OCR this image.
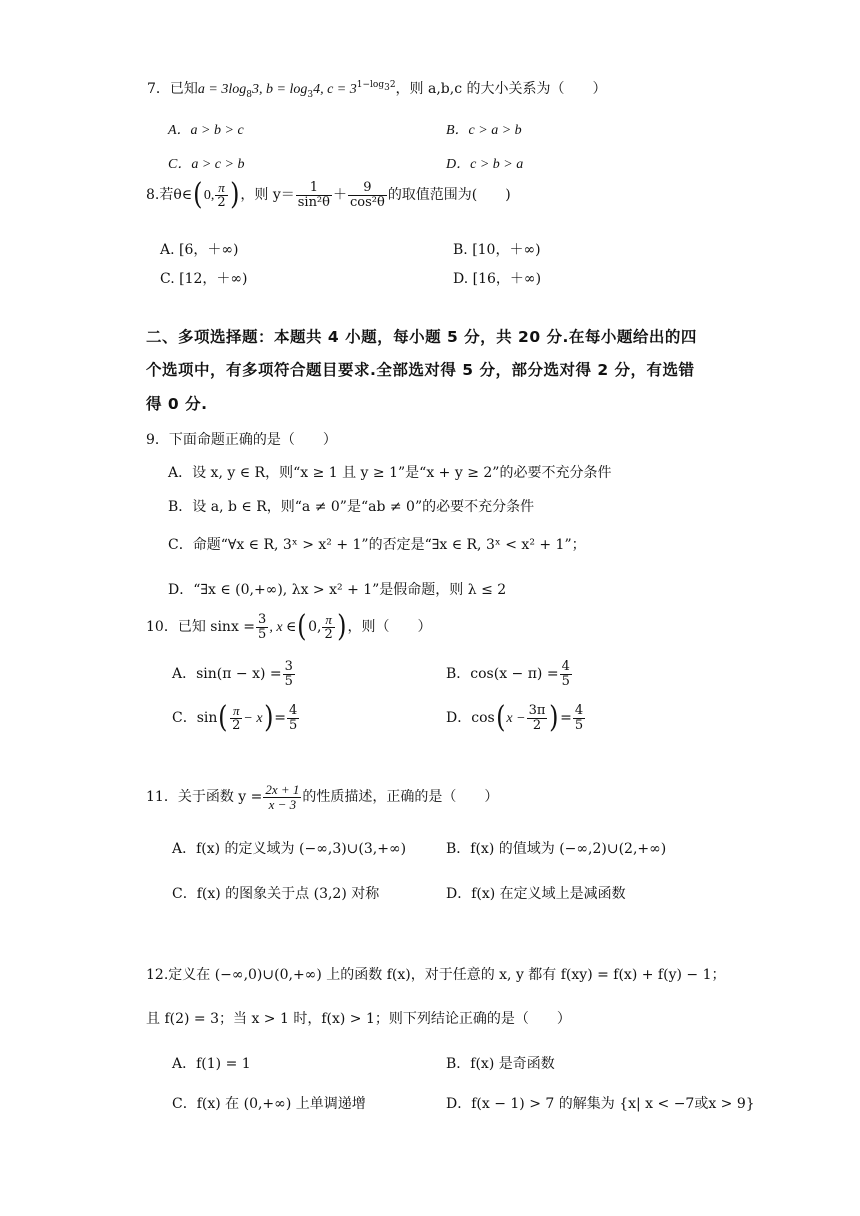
7．已知$a = 3\log_83$, $b = \log_34$, $c = 3^{1-log_32}$，则 a,b,c 的大小关系为（　　）
A．a > b > c	B．c > a > b
C．a > c > b	D．c > b > a
8.若θ∈(0, $\frac{\pi}{2}$ )，则 $y= \frac{1}{\text{sin²θ}} + \frac{9}{\text{cos²θ}}$ 的取值范围为(　　)
A. [6，＋∞)	B. [10，＋∞)
C. [12，＋∞)	D. [16，＋∞)
二、多项选择题：本题共 4 小题，每小题 5 分，共 20 分.在每小题给出的四
个选项中，有多项符合题目要求.全部选对得 5 分，部分选对得 2 分，有选错
得 0 分.
9．下面命题正确的是（　　）
A．设 x, y ∈ R，则“x ≥ 1 且 y ≥ 1”是“x + y ≥ 2”的必要不充分条件
B．设 a, b ∈ R，则“a ≠ 0”是“ab ≠ 0”的必要不充分条件
C．命题“∀x ∈ R, 3ˣ > x² + 1”的否定是“∃x ∈ R, 3ˣ < x² + 1”；
D．“∃x ∈ (0,+∞), λx > x² + 1”是假命题，则 λ ≤ 2
10．已知 $\sin x = \frac{3}{5}$ , x ∈(0, $\frac{\pi}{2}$ )，则（　　）
A．$\sin(\pi - x) = \frac{3}{5}$	B．$\cos(x - \pi) = \frac{4}{5}$
C．$\sin( \frac{\pi}{2} - x)= \frac{4}{5}$	D．$\cos(x - \frac{3\pi}{2}$ )= $\frac{4}{5}$
11．关于函数 $y = \frac{2x + 1}{x - 3}$ 的性质描述，正确的是（　　）
A．f(x) 的定义域为 (−∞,3)∪(3,+∞)	B．f(x) 的值域为 (−∞,2)∪(2,+∞)
C．f(x) 的图象关于点 (3,2) 对称	D．f(x) 在定义域上是减函数
12.定义在 (−∞,0)∪(0,+∞) 上的函数 f(x)，对于任意的 x, y 都有 f(xy) = f(x) + f(y) − 1；
且 f(2) = 3；当 x > 1 时，f(x) > 1；则下列结论正确的是（　　）
A．f(1) = 1	B．f(x) 是奇函数
C．f(x) 在 (0,+∞) 上单调递增	D．f(x − 1) > 7 的解集为 {x| x < −7或x > 9}
